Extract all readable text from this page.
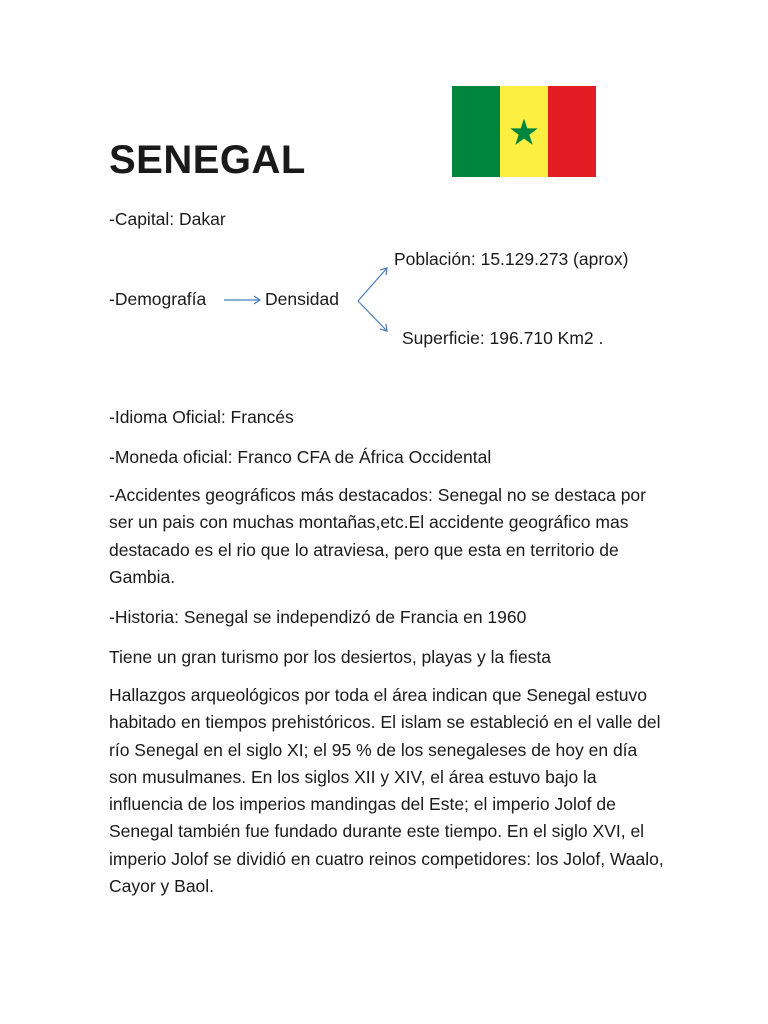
SENEGAL

-Capital: Dakar

Población: 15.129.273 (aprox)

-Demografía	Densidad

Superficie: 196.710 Km2 .

-Idioma Oficial: Francés

-Moneda oficial: Franco CFA de África Occidental

-Accidentes geográficos más destacados: Senegal no se destaca por ser un pais con muchas montañas,etc.El accidente geográfico mas destacado es el rio que lo atraviesa, pero que esta en territorio de Gambia.

-Historia: Senegal se independizó de Francia en 1960

Tiene un gran turismo por los desiertos, playas y la fiesta

Hallazgos arqueológicos por toda el área indican que Senegal estuvo habitado en tiempos prehistóricos. El islam se estableció en el valle del río Senegal en el siglo XI; el 95 % de los senegaleses de hoy en día son musulmanes. En los siglos XII y XIV, el área estuvo bajo la influencia de los imperios mandingas del Este; el imperio Jolof de Senegal también fue fundado durante este tiempo. En el siglo XVI, el imperio Jolof se dividió en cuatro reinos competidores: los Jolof, Waalo, Cayor y Baol.
